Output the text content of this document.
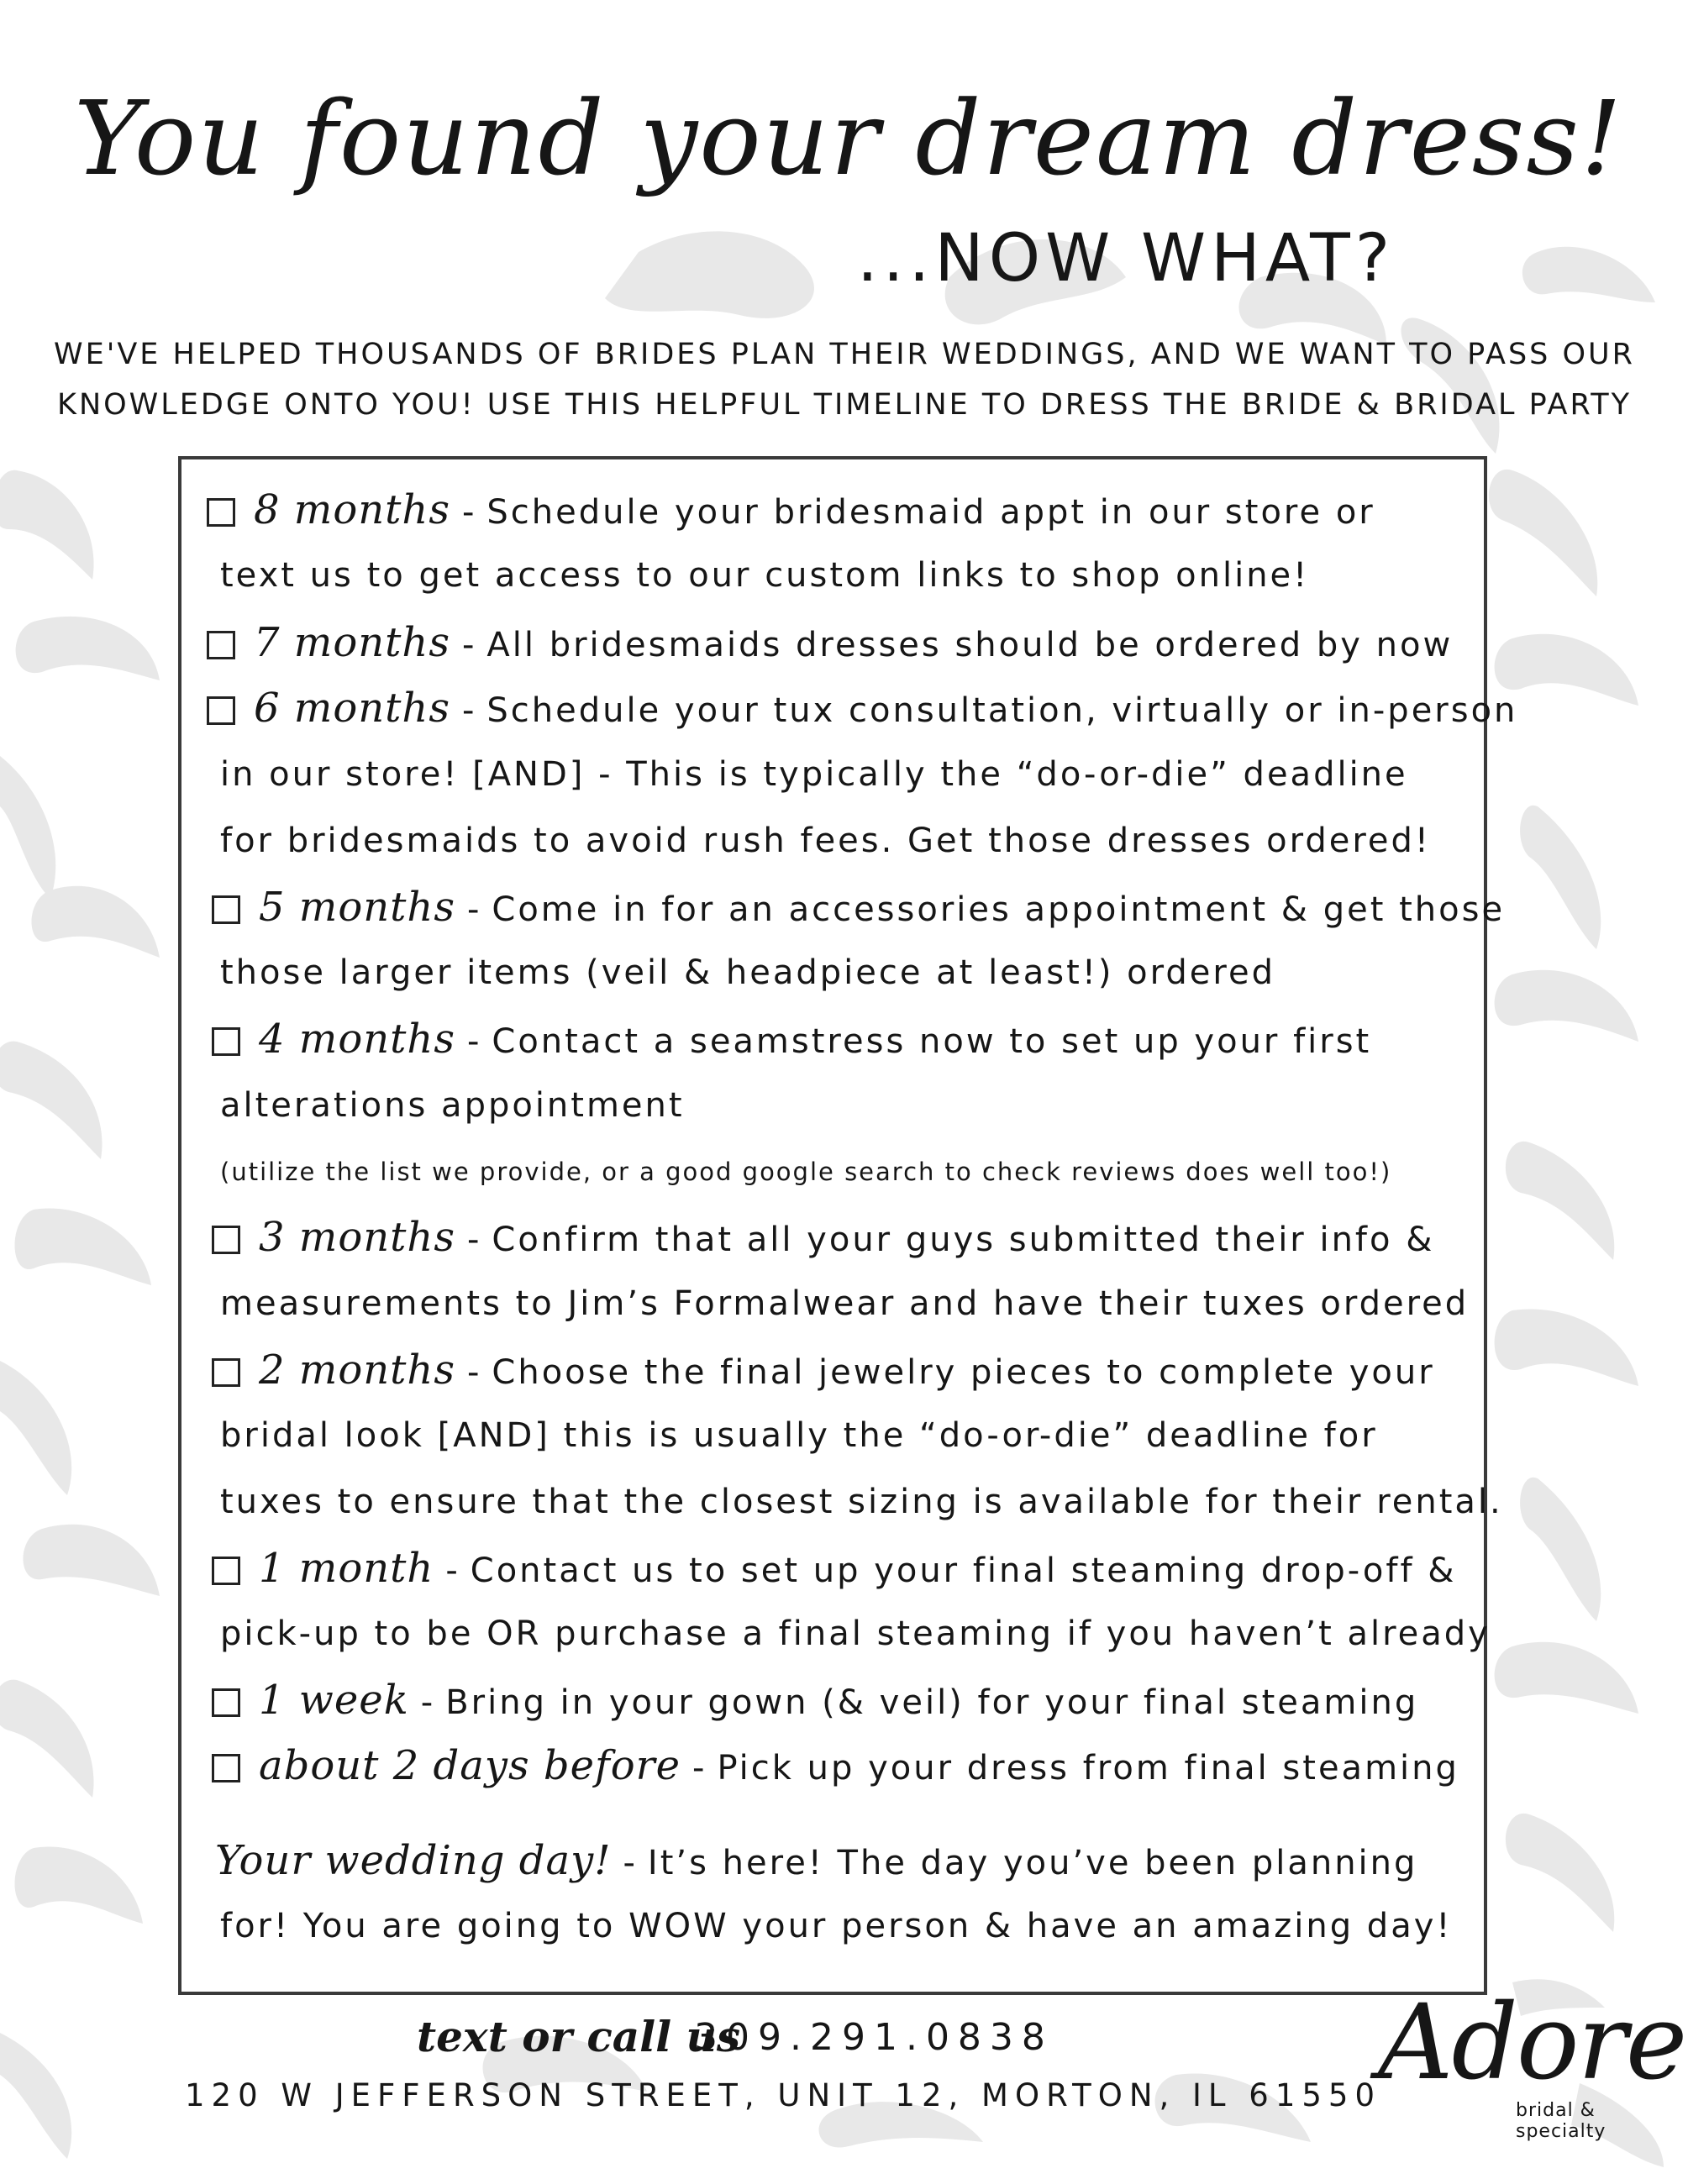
You found your dream dress!
...NOW WHAT?
WE'VE HELPED THOUSANDS OF BRIDES PLAN THEIR WEDDINGS, AND WE WANT TO PASS OUR
KNOWLEDGE ONTO YOU! USE THIS HELPFUL TIMELINE TO DRESS THE BRIDE & BRIDAL PARTY
8 months - Schedule your bridesmaid appt in our store or
text us to get access to our custom links to shop online!
7 months - All bridesmaids dresses should be ordered by now
6 months - Schedule your tux consultation, virtually or in-person
in our store! [AND] - This is typically the “do-or-die” deadline
for bridesmaids to avoid rush fees. Get those dresses ordered!
5 months - Come in for an accessories appointment & get those
those larger items (veil & headpiece at least!) ordered
4 months - Contact a seamstress now to set up your first
alterations appointment
(utilize the list we provide, or a good google search to check reviews does well too!)
3 months - Confirm that all your guys submitted their info &
measurements to Jim’s Formalwear and have their tuxes ordered
2 months - Choose the final jewelry pieces to complete your
bridal look [AND] this is usually the “do-or-die” deadline for
tuxes to ensure that the closest sizing is available for their rental.
1 month - Contact us to set up your final steaming drop-off &
pick-up to be OR purchase a final steaming if you haven’t already
1 week - Bring in your gown (& veil) for your final steaming
about 2 days before - Pick up your dress from final steaming
Your wedding day! - It’s here! The day you’ve been planning
for! You are going to WOW your person & have an amazing day!
text or call us
309.291.0838
120 W JEFFERSON STREET, UNIT 12, MORTON, IL 61550
Adore
bridal & specialty
